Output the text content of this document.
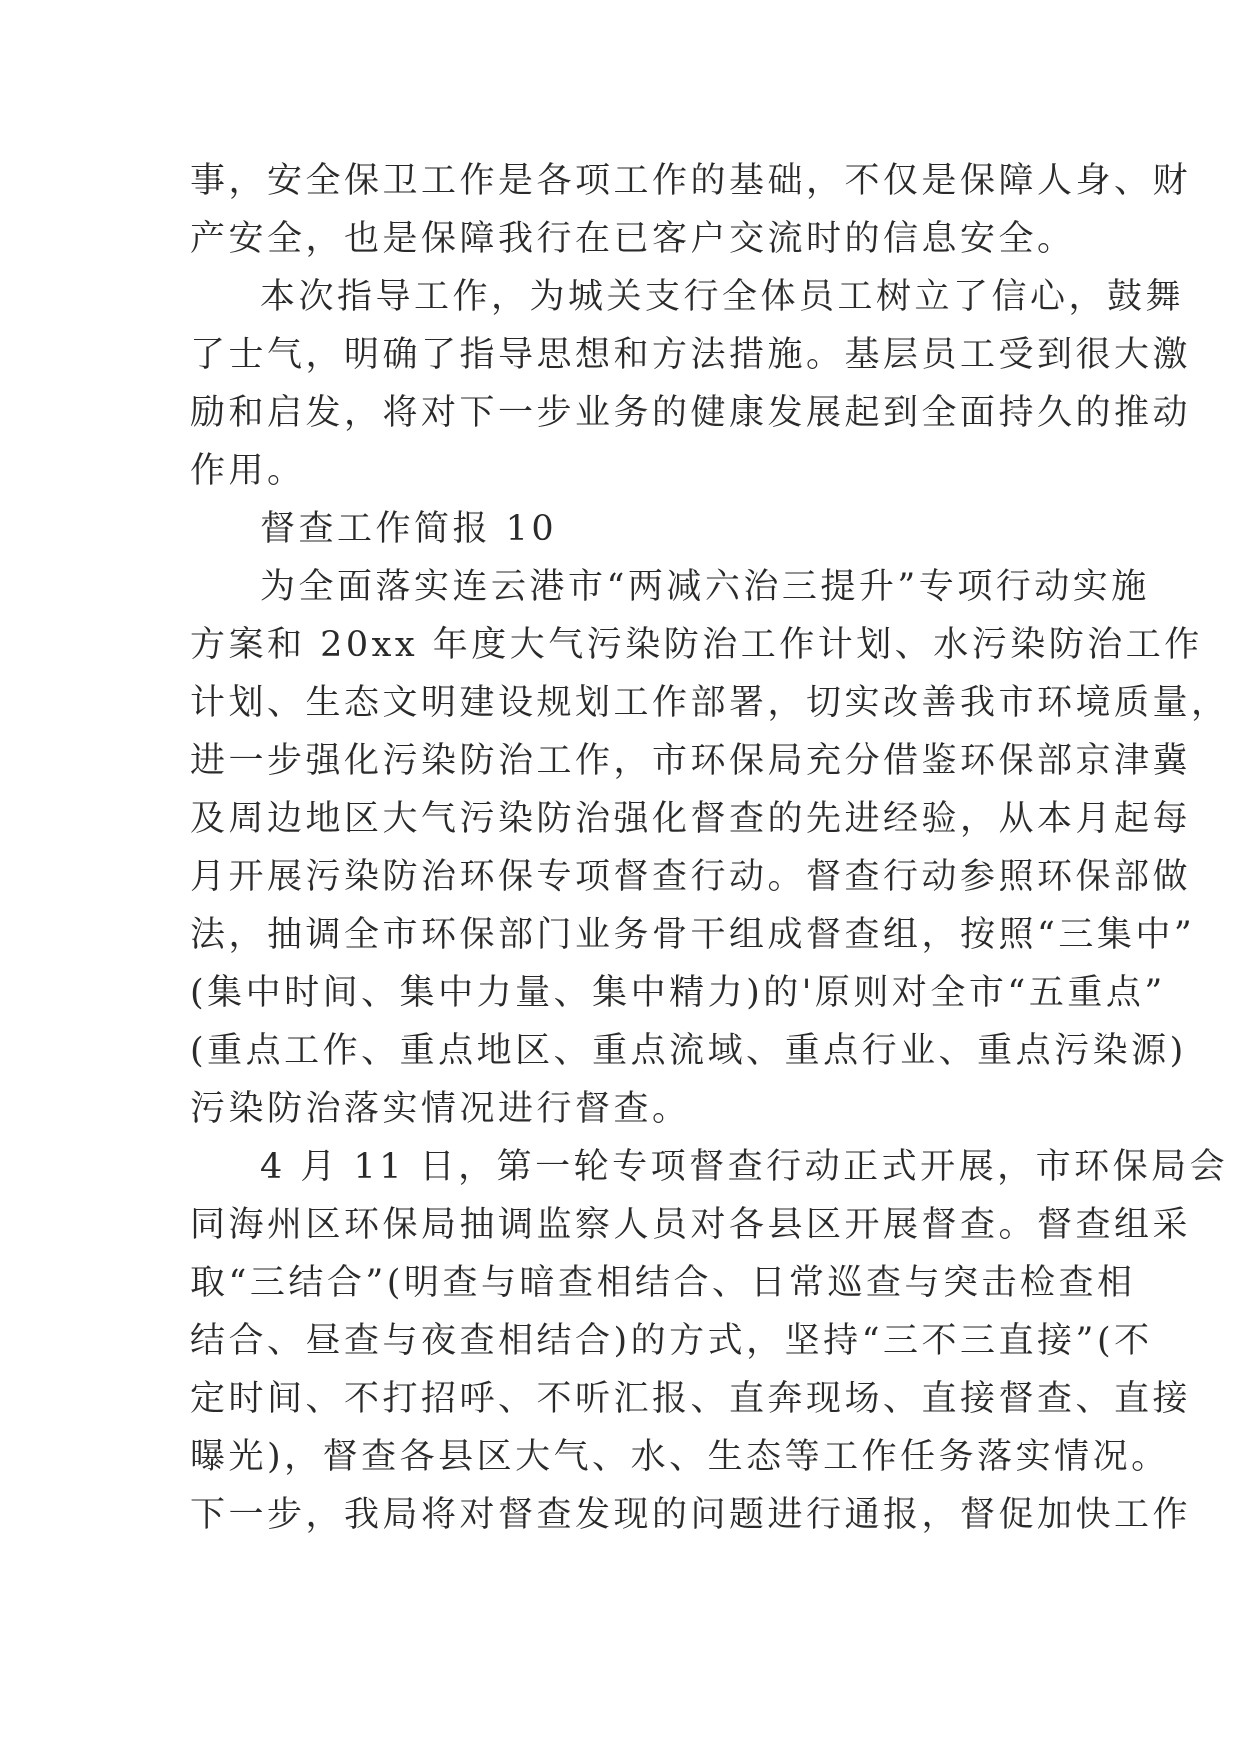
事，安全保卫工作是各项工作的基础，不仅是保障人身、财
产安全，也是保障我行在已客户交流时的信息安全。
本次指导工作，为城关支行全体员工树立了信心，鼓舞
了士气，明确了指导思想和方法措施。基层员工受到很大激
励和启发，将对下一步业务的健康发展起到全面持久的推动
作用。
督查工作简报 10
为全面落实连云港市“两减六治三提升”专项行动实施
方案和 20xx 年度大气污染防治工作计划、水污染防治工作
计划、生态文明建设规划工作部署，切实改善我市环境质量，
进一步强化污染防治工作，市环保局充分借鉴环保部京津冀
及周边地区大气污染防治强化督查的先进经验，从本月起每
月开展污染防治环保专项督查行动。督查行动参照环保部做
法，抽调全市环保部门业务骨干组成督查组，按照“三集中”
(集中时间、集中力量、集中精力)的'原则对全市“五重点”
(重点工作、重点地区、重点流域、重点行业、重点污染源)
污染防治落实情况进行督查。
4 月 11 日，第一轮专项督查行动正式开展，市环保局会
同海州区环保局抽调监察人员对各县区开展督查。督查组采
取“三结合”(明查与暗查相结合、日常巡查与突击检查相
结合、昼查与夜查相结合)的方式，坚持“三不三直接”(不
定时间、不打招呼、不听汇报、直奔现场、直接督查、直接
曝光)，督查各县区大气、水、生态等工作任务落实情况。
下一步，我局将对督查发现的问题进行通报，督促加快工作
